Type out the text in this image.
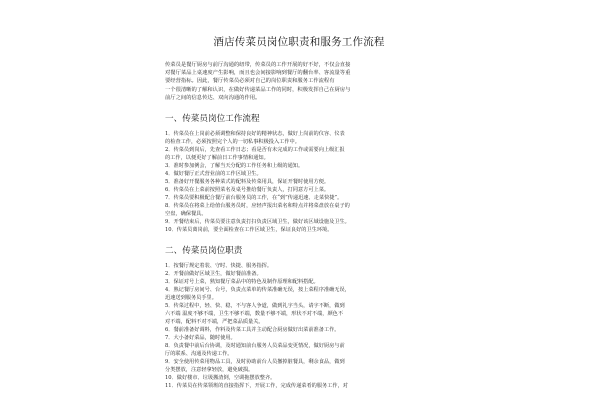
酒店传菜员岗位职责和服务工作流程

传菜员是餐厅厨房与前厅沟通的纽带，传菜员的工作开展的好不好，不仅会直接

对餐厅菜品上桌速度产生影响，而且也会间接影响到餐厅的翻台率、客流量等重

要经营指标。因此，餐厅传菜员必须对自己的岗位职责和服务工作流程有

一个很清晰的了解和认识，在做好传递菜品工作的同时，积极发挥自己在厨房与

前厅之间的信息传达、双向沟通的作用。

一、传菜员岗位工作流程
1．传菜员在上岗前必须调整和保持良好的精神状态，做好上岗前的仪容、仪表
的检查工作，必须按照完个人的一切私事积极投入工作中。
2．传菜员到岗后，先查看工作日志；看是否有未完成的工作或需要向上级汇报
的工作，以便更好了解前日工作事情和通知。
3．准时参加例会，了解当天分配的工作任务和上级的通知。
4．做好餐厅正式营业前的工作区域卫生。
5．准备好开餐服务各种菜式的配料及传菜用具，保证开餐时使用方便。
6．传菜员在上菜前按照菜名及桌号推给餐厅负责人，打同意方可上菜。
7．传菜员要积极配合餐厅前台服务员的工作，在“到”传递迅速、走菜快捷”。
8．传菜员在将菜上给值台服务员时，应轻声报出菜名和特点并将菜盘放在桌子的
空盘，确保餐具。
9．开餐结束后，传菜员要注意负责打扫负责区域卫生，做好该区域设施及卫生。
10．传菜员离岗前，要全面检查在工作区域卫生，保证良好的卫生环境。
二、传菜员岗位职责
1．按餐厅规定着装、守时、快捷、服务指挥。
2．开餐前做好区域卫生，做好餐前准备。
3．保证对号上菜，熟知餐厅菜品中的特色及制作原理和配料搭配。
4．熟记餐厅房间号、台号，负责点菜单的传菜准确无误，按上菜程序准确无误，
迅速送到服务员手里。
5．传菜过程中，轻、快、稳，不与客人争道，做到礼字当头，请字不断，做到
六不端 温度不够不端，卫生不够不端，数量不够不端，形状不对不端，颜色不
对不端，配料不对不端，严把菜品质量关。
6．餐前准备好调料，作料及传菜工具并主动配合厨房做好出菜前准备工作。
7．大小备好菜品，随时使用。
8．负责餐中前后台协调，及时通知前台服务人员菜品变更情况，做好厨房与前
厅的联系、沟通及传递工作。
9．安全使用传菜用物品工具，及时协助前台人员撤掉脏餐具，剩余食品，做到
分类摆放，注意轻拿轻放，避免破损。
10．做好楼市、垃圾搬渣倒，空调拖摆放整齐。
11．传菜员在传菜领班的直接指挥下，开展工作，完成传递菜肴的服务工作，对
